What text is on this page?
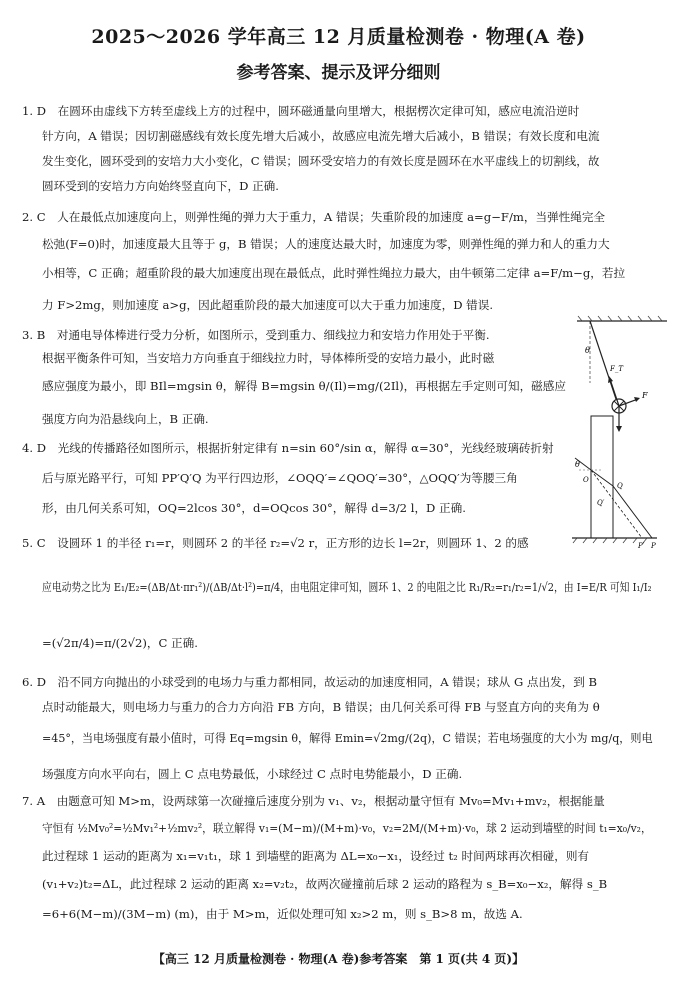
2025～2026 学年高三 12 月质量检测卷 · 物理(A 卷)
参考答案、提示及评分细则
1. D　在圆环由虚线下方转至虚线上方的过程中，圆环磁通量向里增大，根据楞次定律可知，感应电流沿逆时
针方向，A 错误；因切割磁感线有效长度先增大后减小，故感应电流先增大后减小，B 错误；有效长度和电流
发生变化，圆环受到的安培力大小变化，C 错误；圆环受安培力的有效长度是圆环在水平虚线上的切割线，故
圆环受到的安培力方向始终竖直向下，D 正确.
2. C　人在最低点加速度向上，则弹性绳的弹力大于重力，A 错误；失重阶段的加速度 a=g−F/m，当弹性绳完全
松弛(F=0)时，加速度最大且等于 g，B 错误；人的速度达最大时，加速度为零，则弹性绳的弹力和人的重力大
小相等，C 正确；超重阶段的最大加速度出现在最低点，此时弹性绳拉力最大，由牛顿第二定律 a=F/m−g，若拉
力 F>2mg，则加速度 a>g，因此超重阶段的最大加速度可以大于重力加速度，D 错误.
3. B　对通电导体棒进行受力分析，如图所示，受到重力、细线拉力和安培力作用处于平衡.
根据平衡条件可知，当安培力方向垂直于细线拉力时，导体棒所受的安培力最小，此时磁
感应强度为最小，即 BIl=mgsin θ，解得 B=mgsin θ/(Il)=mg/(2Il)，再根据左手定则可知，磁感应
强度方向为沿悬线向上，B 正确.
4. D　光线的传播路径如图所示，根据折射定律有 n=sin 60°/sin α，解得 α=30°，光线经玻璃砖折射
后与原光路平行，可知 PP′Q′Q 为平行四边形，∠OQQ′=∠QOQ′=30°，△OQQ′为等腰三角
形，由几何关系可知，OQ=2lcos 30°，d=OQcos 30°，解得 d=3/2 l，D 正确.
5. C　设圆环 1 的半径 r₁=r，则圆环 2 的半径 r₂=√2 r，正方形的边长 l=2r，则圆环 1、2 的感
应电动势之比为 E₁/E₂=(ΔB/Δt·πr₁²)/(ΔB/Δt·l²)=π/4，由电阻定律可知，圆环 1、2 的电阻之比 R₁/R₂=r₁/r₂=1/√2，由 I=E/R 可知 I₁/I₂
=(√2π/4)=π/(2√2)，C 正确.
6. D　沿不同方向抛出的小球受到的电场力与重力都相同，故运动的加速度相同，A 错误；球从 G 点出发，到 B
点时动能最大，则电场力与重力的合力方向沿 FB 方向，B 错误；由几何关系可得 FB 与竖直方向的夹角为 θ
=45°，当电场强度有最小值时，可得 Eq=mgsin θ，解得 Emin=√2mg/(2q)，C 错误；若电场强度的大小为 mg/q，则电
场强度方向水平向右，圆上 C 点电势最低，小球经过 C 点时电势能最小，D 正确.
7. A　由题意可知 M>m，设两球第一次碰撞后速度分别为 v₁、v₂，根据动量守恒有 Mv₀=Mv₁+mv₂，根据能量
守恒有 ½Mv₀²=½Mv₁²+½mv₂²，联立解得 v₁=(M−m)/(M+m)·v₀，v₂=2M/(M+m)·v₀，球 2 运动到墙壁的时间 t₁=x₀/v₂，
此过程球 1 运动的距离为 x₁=v₁t₁，球 1 到墙壁的距离为 ΔL=x₀−x₁，设经过 t₂ 时间两球再次相碰，则有
(v₁+v₂)t₂=ΔL，此过程球 2 运动的距离 x₂=v₂t₂，故两次碰撞前后球 2 运动的路程为 s_B=x₀−x₂，解得 s_B
=6+6(M−m)/(3M−m) (m)，由于 M>m，近似处理可知 x₂>2 m，则 s_B>8 m，故选 A.
θ
F_T
F
θ
O
Q
Q′
P′ P
【高三 12 月质量检测卷 · 物理(A 卷)参考答案　第 1 页(共 4 页)】
